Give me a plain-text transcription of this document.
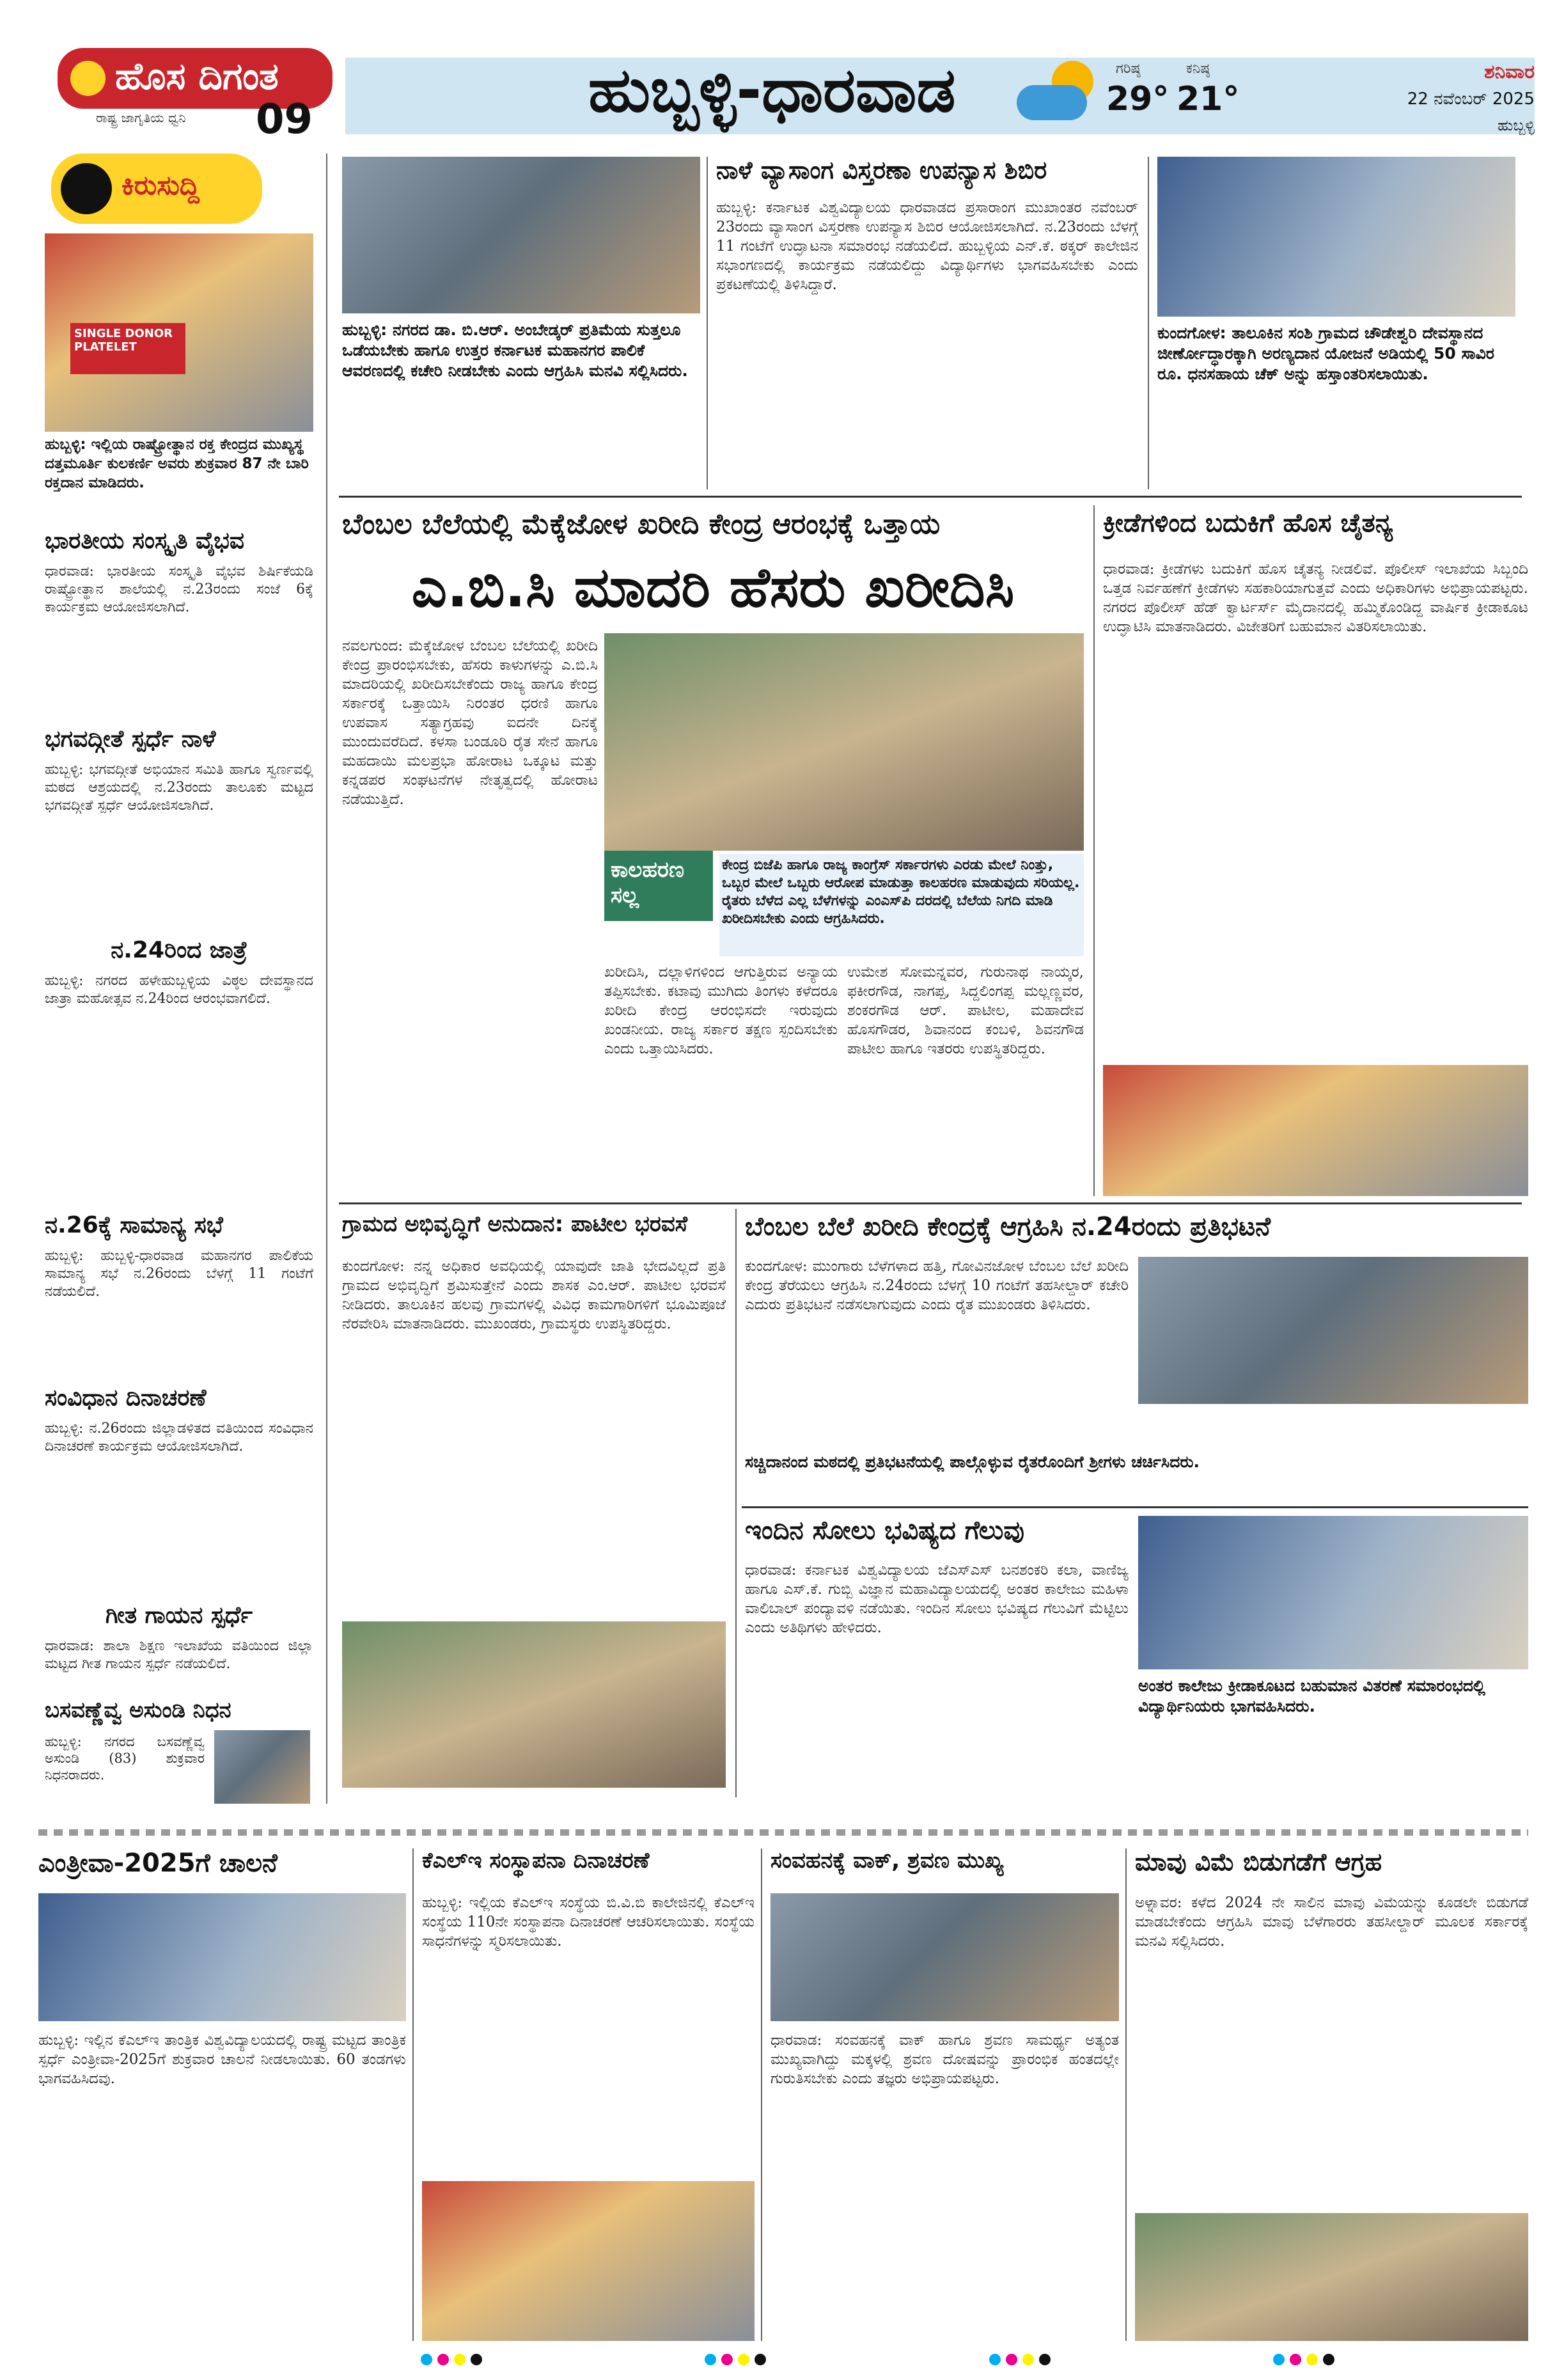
ಹೊಸ ದಿಗಂತ
ರಾಷ್ಟ್ರ ಜಾಗೃತಿಯ ಧ್ವನಿ	09	ಹುಬ್ಬಳ್ಳಿ-ಧಾರವಾಡ	ಗರಿಷ್ಠ
29°
ಕನಿಷ್ಠ
21°
ಶನಿವಾರ
22 ನವೆಂಬರ್ 2025
ಹುಬ್ಬಳ್ಳಿ
ಕಿರುಸುದ್ದಿ
SINGLE DONOR PLATELET
ಹುಬ್ಬಳ್ಳಿ: ಇಲ್ಲಿಯ ರಾಷ್ಟ್ರೋತ್ಥಾನ ರಕ್ತ ಕೇಂದ್ರದ ಮುಖ್ಯಸ್ಥ ದತ್ತಮೂರ್ತಿ ಕುಲಕರ್ಣಿ ಅವರು ಶುಕ್ರವಾರ 87 ನೇ ಬಾರಿ ರಕ್ತದಾನ ಮಾಡಿದರು.
ಭಾರತೀಯ ಸಂಸ್ಕೃತಿ ವೈಭವ
ಧಾರವಾಡ: ಭಾರತೀಯ ಸಂಸ್ಕೃತಿ ವೈಭವ ಶಿರ್ಷಿಕೆಯಡಿ ರಾಷ್ಟ್ರೋತ್ಥಾನ ಶಾಲೆಯಲ್ಲಿ ನ.23ರಂದು ಸಂಜೆ 6ಕ್ಕೆ ಕಾರ್ಯಕ್ರಮ ಆಯೋಜಿಸಲಾಗಿದೆ.
ಭಗವದ್ಗೀತೆ ಸ್ಪರ್ಧೆ ನಾಳೆ
ಹುಬ್ಬಳ್ಳಿ: ಭಗವದ್ಗೀತೆ ಅಭಿಯಾನ ಸಮಿತಿ ಹಾಗೂ ಸ್ವರ್ಣವಲ್ಲಿ ಮಠದ ಆಶ್ರಯದಲ್ಲಿ ನ.23ರಂದು ತಾಲೂಕು ಮಟ್ಟದ ಭಗವದ್ಗೀತೆ ಸ್ಪರ್ಧೆ ಆಯೋಜಿಸಲಾಗಿದೆ.
ನ.24ರಿಂದ ಜಾತ್ರೆ
ಹುಬ್ಬಳ್ಳಿ: ನಗರದ ಹಳೇಹುಬ್ಬಳ್ಳಿಯ ವಿಠ್ಠಲ ದೇವಸ್ಥಾನದ ಜಾತ್ರಾ ಮಹೋತ್ಸವ ನ.24ರಿಂದ ಆರಂಭವಾಗಲಿದೆ.
ನ.26ಕ್ಕೆ ಸಾಮಾನ್ಯ ಸಭೆ
ಹುಬ್ಬಳ್ಳಿ: ಹುಬ್ಬಳ್ಳಿ-ಧಾರವಾಡ ಮಹಾನಗರ ಪಾಲಿಕೆಯ ಸಾಮಾನ್ಯ ಸಭೆ ನ.26ರಂದು ಬೆಳಗ್ಗೆ 11 ಗಂಟೆಗೆ ನಡೆಯಲಿದೆ.
ಸಂವಿಧಾನ ದಿನಾಚರಣೆ
ಹುಬ್ಬಳ್ಳಿ: ನ.26ರಂದು ಜಿಲ್ಲಾಡಳಿತದ ವತಿಯಿಂದ ಸಂವಿಧಾನ ದಿನಾಚರಣೆ ಕಾರ್ಯಕ್ರಮ ಆಯೋಜಿಸಲಾಗಿದೆ.
ಗೀತ ಗಾಯನ ಸ್ಪರ್ಧೆ
ಧಾರವಾಡ: ಶಾಲಾ ಶಿಕ್ಷಣ ಇಲಾಖೆಯ ವತಿಯಿಂದ ಜಿಲ್ಲಾ ಮಟ್ಟದ ಗೀತ ಗಾಯನ ಸ್ಪರ್ಧೆ ನಡೆಯಲಿದೆ.
ಬಸವಣ್ಣೆವ್ವ ಅಸುಂಡಿ ನಿಧನ
ಹುಬ್ಬಳ್ಳಿ: ನಗರದ ಬಸವಣ್ಣೆವ್ವ ಅಸುಂಡಿ (83) ಶುಕ್ರವಾರ ನಿಧನರಾದರು.
ಹುಬ್ಬಳ್ಳಿ: ನಗರದ ಡಾ. ಬಿ.ಆರ್. ಅಂಬೇಡ್ಕರ್ ಪ್ರತಿಮೆಯ ಸುತ್ತಲೂ ಒಡೆಯಬೇಕು ಹಾಗೂ ಉತ್ತರ ಕರ್ನಾಟಕ ಮಹಾನಗರ ಪಾಲಿಕೆ ಆವರಣದಲ್ಲಿ ಕಚೇರಿ ನೀಡಬೇಕು ಎಂದು ಆಗ್ರಹಿಸಿ ಮನವಿ ಸಲ್ಲಿಸಿದರು.
ನಾಳೆ ವ್ಯಾಸಾಂಗ ವಿಸ್ತರಣಾ ಉಪನ್ಯಾಸ ಶಿಬಿರ
ಹುಬ್ಬಳ್ಳಿ: ಕರ್ನಾಟಕ ವಿಶ್ವವಿದ್ಯಾಲಯ ಧಾರವಾಡದ ಪ್ರಸಾರಾಂಗ ಮುಖಾಂತರ ನವೆಂಬರ್ 23ರಂದು ವ್ಯಾಸಾಂಗ ವಿಸ್ತರಣಾ ಉಪನ್ಯಾಸ ಶಿಬಿರ ಆಯೋಜಿಸಲಾಗಿದೆ. ನ.23ರಂದು ಬೆಳಗ್ಗೆ 11 ಗಂಟೆಗೆ ಉದ್ಘಾಟನಾ ಸಮಾರಂಭ ನಡೆಯಲಿದೆ. ಹುಬ್ಬಳ್ಳಿಯ ಎನ್.ಕೆ. ಠಕ್ಕರ್ ಕಾಲೇಜಿನ ಸಭಾಂಗಣದಲ್ಲಿ ಕಾರ್ಯಕ್ರಮ ನಡೆಯಲಿದ್ದು ವಿದ್ಯಾರ್ಥಿಗಳು ಭಾಗವಹಿಸಬೇಕು ಎಂದು ಪ್ರಕಟಣೆಯಲ್ಲಿ ತಿಳಿಸಿದ್ದಾರೆ.
ಕುಂದಗೋಳ: ತಾಲೂಕಿನ ಸಂಶಿ ಗ್ರಾಮದ ಚೌಡೇಶ್ವರಿ ದೇವಸ್ಥಾನದ ಜೀರ್ಣೋದ್ಧಾರಕ್ಕಾಗಿ ಅರಣ್ಯದಾನ ಯೋಜನೆ ಅಡಿಯಲ್ಲಿ 50 ಸಾವಿರ ರೂ. ಧನಸಹಾಯ ಚೆಕ್ ಅನ್ನು ಹಸ್ತಾಂತರಿಸಲಾಯಿತು.
ಬೆಂಬಲ ಬೆಲೆಯಲ್ಲಿ ಮೆಕ್ಕೆಜೋಳ ಖರೀದಿ ಕೇಂದ್ರ ಆರಂಭಕ್ಕೆ ಒತ್ತಾಯ
ಎ.ಬಿ.ಸಿ ಮಾದರಿ ಹೆಸರು ಖರೀದಿಸಿ
ನವಲಗುಂದ: ಮೆಕ್ಕೆಜೋಳ ಬೆಂಬಲ ಬೆಲೆಯಲ್ಲಿ ಖರೀದಿ ಕೇಂದ್ರ ಪ್ರಾರಂಭಿಸಬೇಕು, ಹೆಸರು ಕಾಳುಗಳನ್ನು ಎ.ಬಿ.ಸಿ ಮಾದರಿಯಲ್ಲಿ ಖರೀದಿಸಬೇಕೆಂದು ರಾಜ್ಯ ಹಾಗೂ ಕೇಂದ್ರ ಸರ್ಕಾರಕ್ಕೆ ಒತ್ತಾಯಿಸಿ ನಿರಂತರ ಧರಣಿ ಹಾಗೂ ಉಪವಾಸ ಸತ್ಯಾಗ್ರಹವು ಐದನೇ ದಿನಕ್ಕೆ ಮುಂದುವರೆದಿದೆ. ಕಳಸಾ ಬಂಡೂರಿ ರೈತ ಸೇನೆ ಹಾಗೂ ಮಹದಾಯಿ ಮಲಪ್ರಭಾ ಹೋರಾಟ ಒಕ್ಕೂಟ ಮತ್ತು ಕನ್ನಡಪರ ಸಂಘಟನೆಗಳ ನೇತೃತ್ವದಲ್ಲಿ ಹೋರಾಟ ನಡೆಯುತ್ತಿದೆ.
ಕಾಲಹರಣ ಸಲ್ಲ
ಕೇಂದ್ರ ಬಿಜೆಪಿ ಹಾಗೂ ರಾಜ್ಯ ಕಾಂಗ್ರೆಸ್ ಸರ್ಕಾರಗಳು ಎರಡು ಮೇಲೆ ನಿಂತ್ತು, ಒಬ್ಬರ ಮೇಲೆ ಒಬ್ಬರು ಆರೋಪ ಮಾಡುತ್ತಾ ಕಾಲಹರಣ ಮಾಡುವುದು ಸರಿಯಲ್ಲ. ರೈತರು ಬೆಳೆದ ಎಲ್ಲ ಬೆಳೆಗಳನ್ನು ಎಂಎಸ್‌ಪಿ ದರದಲ್ಲಿ ಬೆಲೆಯ ನಿಗದಿ ಮಾಡಿ ಖರೀದಿಸಬೇಕು ಎಂದು ಆಗ್ರಹಿಸಿದರು.
ಖರೀದಿಸಿ, ದಲ್ಲಾಳಿಗಳಿಂದ ಆಗುತ್ತಿರುವ ಅನ್ಯಾಯ ತಪ್ಪಿಸಬೇಕು. ಕಟಾವು ಮುಗಿದು ತಿಂಗಳು ಕಳೆದರೂ ಖರೀದಿ ಕೇಂದ್ರ ಆರಂಭಿಸದೇ ಇರುವುದು ಖಂಡನೀಯ. ರಾಜ್ಯ ಸರ್ಕಾರ ತಕ್ಷಣ ಸ್ಪಂದಿಸಬೇಕು ಎಂದು ಒತ್ತಾಯಿಸಿದರು.
ಉಮೇಶ ಸೋಮನ್ನವರ, ಗುರುನಾಥ ನಾಯ್ಕರ, ಫಕೀರಗೌಡ, ನಾಗಪ್ಪ, ಸಿದ್ದಲಿಂಗಪ್ಪ ಮಲ್ಲಣ್ಣವರ, ಶಂಕರಗೌಡ ಆರ್. ಪಾಟೀಲ, ಮಹಾದೇವ ಹೊಸಗೌಡರ, ಶಿವಾನಂದ ಕಂಬಳಿ, ಶಿವನಗೌಡ ಪಾಟೀಲ ಹಾಗೂ ಇತರರು ಉಪಸ್ಥಿತರಿದ್ದರು.
ಕ್ರೀಡೆಗಳಿಂದ ಬದುಕಿಗೆ ಹೊಸ ಚೈತನ್ಯ
ಧಾರವಾಡ: ಕ್ರೀಡೆಗಳು ಬದುಕಿಗೆ ಹೊಸ ಚೈತನ್ಯ ನೀಡಲಿವೆ. ಪೊಲೀಸ್ ಇಲಾಖೆಯ ಸಿಬ್ಬಂದಿ ಒತ್ತಡ ನಿರ್ವಹಣೆಗೆ ಕ್ರೀಡೆಗಳು ಸಹಕಾರಿಯಾಗುತ್ತವೆ ಎಂದು ಅಧಿಕಾರಿಗಳು ಅಭಿಪ್ರಾಯಪಟ್ಟರು. ನಗರದ ಪೊಲೀಸ್ ಹೆಡ್ ಕ್ವಾರ್ಟರ್ಸ್ ಮೈದಾನದಲ್ಲಿ ಹಮ್ಮಿಕೊಂಡಿದ್ದ ವಾರ್ಷಿಕ ಕ್ರೀಡಾಕೂಟ ಉದ್ಘಾಟಿಸಿ ಮಾತನಾಡಿದರು. ವಿಜೇತರಿಗೆ ಬಹುಮಾನ ವಿತರಿಸಲಾಯಿತು.
ಗ್ರಾಮದ ಅಭಿವೃದ್ಧಿಗೆ ಅನುದಾನ: ಪಾಟೀಲ ಭರವಸೆ
ಕುಂದಗೋಳ: ನನ್ನ ಅಧಿಕಾರ ಅವಧಿಯಲ್ಲಿ ಯಾವುದೇ ಜಾತಿ ಭೇದವಿಲ್ಲದೆ ಪ್ರತಿ ಗ್ರಾಮದ ಅಭಿವೃದ್ಧಿಗೆ ಶ್ರಮಿಸುತ್ತೇನೆ ಎಂದು ಶಾಸಕ ಎಂ.ಆರ್. ಪಾಟೀಲ ಭರವಸೆ ನೀಡಿದರು. ತಾಲೂಕಿನ ಹಲವು ಗ್ರಾಮಗಳಲ್ಲಿ ವಿವಿಧ ಕಾಮಗಾರಿಗಳಿಗೆ ಭೂಮಿಪೂಜೆ ನೆರವೇರಿಸಿ ಮಾತನಾಡಿದರು. ಮುಖಂಡರು, ಗ್ರಾಮಸ್ಥರು ಉಪಸ್ಥಿತರಿದ್ದರು.
ಬೆಂಬಲ ಬೆಲೆ ಖರೀದಿ ಕೇಂದ್ರಕ್ಕೆ ಆಗ್ರಹಿಸಿ ನ.24ರಂದು ಪ್ರತಿಭಟನೆ
ಕುಂದಗೋಳ: ಮುಂಗಾರು ಬೆಳೆಗಳಾದ ಹತ್ತಿ, ಗೋವಿನಜೋಳ ಬೆಂಬಲ ಬೆಲೆ ಖರೀದಿ ಕೇಂದ್ರ ತೆರೆಯಲು ಆಗ್ರಹಿಸಿ ನ.24ರಂದು ಬೆಳಗ್ಗೆ 10 ಗಂಟೆಗೆ ತಹಸೀಲ್ದಾರ್ ಕಚೇರಿ ಎದುರು ಪ್ರತಿಭಟನೆ ನಡೆಸಲಾಗುವುದು ಎಂದು ರೈತ ಮುಖಂಡರು ತಿಳಿಸಿದರು.
ಸಚ್ಚಿದಾನಂದ ಮಠದಲ್ಲಿ ಪ್ರತಿಭಟನೆಯಲ್ಲಿ ಪಾಲ್ಗೊಳ್ಳುವ ರೈತರೊಂದಿಗೆ ಶ್ರೀಗಳು ಚರ್ಚಿಸಿದರು.
ಇಂದಿನ ಸೋಲು ಭವಿಷ್ಯದ ಗೆಲುವು
ಧಾರವಾಡ: ಕರ್ನಾಟಕ ವಿಶ್ವವಿದ್ಯಾಲಯ ಜೆಎಸ್ಎಸ್ ಬನಶಂಕರಿ ಕಲಾ, ವಾಣಿಜ್ಯ ಹಾಗೂ ಎಸ್.ಕೆ. ಗುಬ್ಬಿ ವಿಜ್ಞಾನ ಮಹಾವಿದ್ಯಾಲಯದಲ್ಲಿ ಅಂತರ ಕಾಲೇಜು ಮಹಿಳಾ ವಾಲಿಬಾಲ್ ಪಂದ್ಯಾವಳಿ ನಡೆಯಿತು. ಇಂದಿನ ಸೋಲು ಭವಿಷ್ಯದ ಗೆಲುವಿಗೆ ಮೆಟ್ಟಿಲು ಎಂದು ಅತಿಥಿಗಳು ಹೇಳಿದರು.
ಅಂತರ ಕಾಲೇಜು ಕ್ರೀಡಾಕೂಟದ ಬಹುಮಾನ ವಿತರಣೆ ಸಮಾರಂಭದಲ್ಲಿ ವಿದ್ಯಾರ್ಥಿನಿಯರು ಭಾಗವಹಿಸಿದರು.
ಎಂತ್ರೀವಾ-2025ಗೆ ಚಾಲನೆ
ಹುಬ್ಬಳ್ಳಿ: ಇಲ್ಲಿನ ಕೆಎಲ್ಇ ತಾಂತ್ರಿಕ ವಿಶ್ವವಿದ್ಯಾಲಯದಲ್ಲಿ ರಾಷ್ಟ್ರ ಮಟ್ಟದ ತಾಂತ್ರಿಕ ಸ್ಪರ್ಧೆ ಎಂತ್ರೀವಾ-2025ಗೆ ಶುಕ್ರವಾರ ಚಾಲನೆ ನೀಡಲಾಯಿತು. 60 ತಂಡಗಳು ಭಾಗವಹಿಸಿದವು.
ಕೆಎಲ್ಇ ಸಂಸ್ಥಾಪನಾ ದಿನಾಚರಣೆ
ಹುಬ್ಬಳ್ಳಿ: ಇಲ್ಲಿಯ ಕೆಎಲ್ಇ ಸಂಸ್ಥೆಯ ಬಿ.ವಿ.ಬಿ ಕಾಲೇಜಿನಲ್ಲಿ ಕೆಎಲ್ಇ ಸಂಸ್ಥೆಯ 110ನೇ ಸಂಸ್ಥಾಪನಾ ದಿನಾಚರಣೆ ಆಚರಿಸಲಾಯಿತು. ಸಂಸ್ಥೆಯ ಸಾಧನೆಗಳನ್ನು ಸ್ಮರಿಸಲಾಯಿತು.
ಸಂವಹನಕ್ಕೆ ವಾಕ್, ಶ್ರವಣ ಮುಖ್ಯ
ಧಾರವಾಡ: ಸಂವಹನಕ್ಕೆ ವಾಕ್ ಹಾಗೂ ಶ್ರವಣ ಸಾಮರ್ಥ್ಯ ಅತ್ಯಂತ ಮುಖ್ಯವಾಗಿದ್ದು ಮಕ್ಕಳಲ್ಲಿ ಶ್ರವಣ ದೋಷವನ್ನು ಪ್ರಾರಂಭಿಕ ಹಂತದಲ್ಲೇ ಗುರುತಿಸಬೇಕು ಎಂದು ತಜ್ಞರು ಅಭಿಪ್ರಾಯಪಟ್ಟರು.
ಮಾವು ವಿಮೆ ಬಿಡುಗಡೆಗೆ ಆಗ್ರಹ
ಅಳ್ನಾವರ: ಕಳೆದ 2024 ನೇ ಸಾಲಿನ ಮಾವು ವಿಮೆಯನ್ನು ಕೂಡಲೇ ಬಿಡುಗಡೆ ಮಾಡಬೇಕೆಂದು ಆಗ್ರಹಿಸಿ ಮಾವು ಬೆಳೆಗಾರರು ತಹಸೀಲ್ದಾರ್ ಮೂಲಕ ಸರ್ಕಾರಕ್ಕೆ ಮನವಿ ಸಲ್ಲಿಸಿದರು.
